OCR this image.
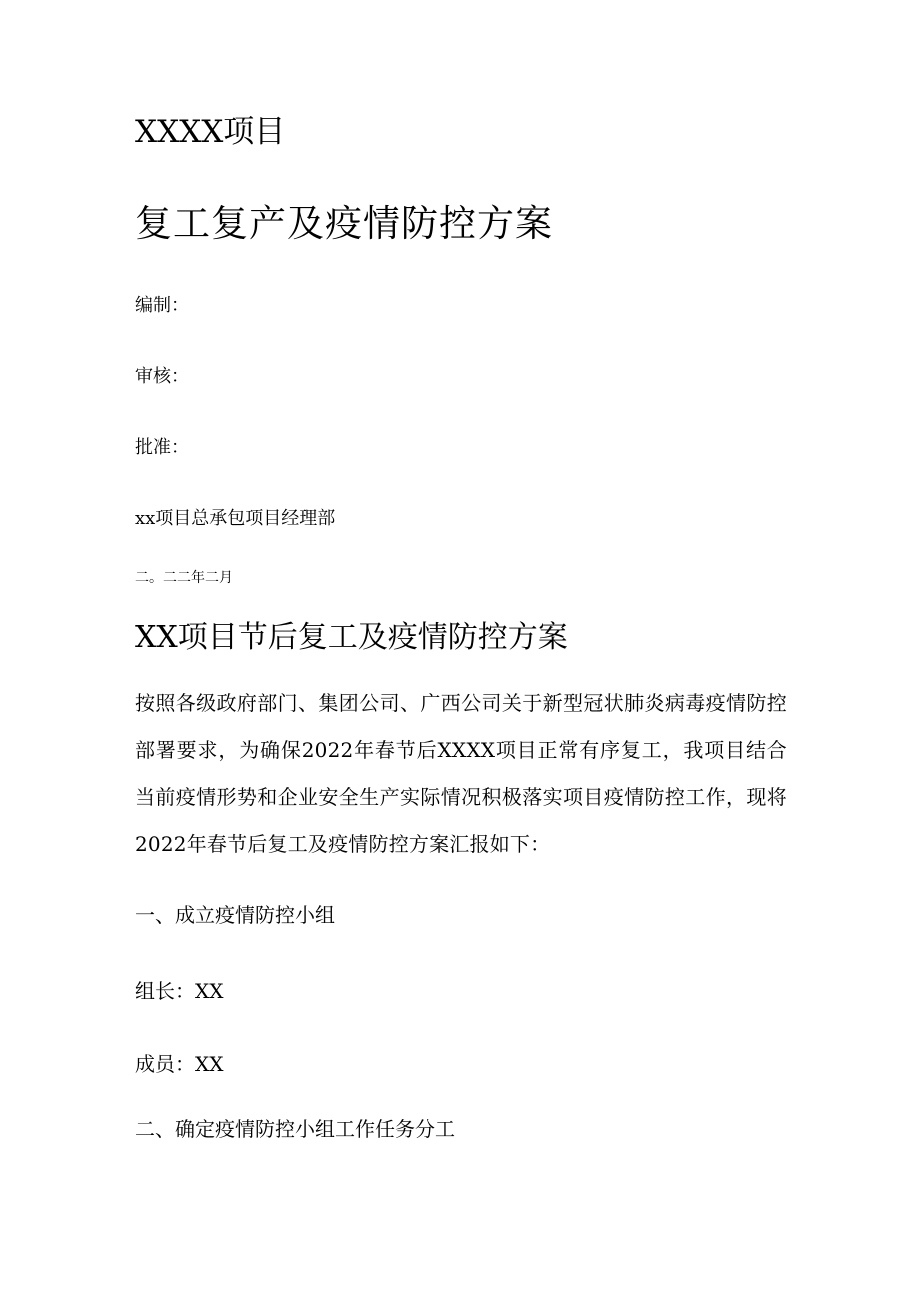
XXXX项目
复工复产及疫情防控方案
编制：
审核：
批准：
xx项目总承包项目经理部
二。二二年二月
XX项目节后复工及疫情防控方案
按照各级政府部门、集团公司、广西公司关于新型冠状肺炎病毒疫情防控部署要求，为确保2022年春节后XXXX项目正常有序复工，我项目结合当前疫情形势和企业安全生产实际情况积极落实项目疫情防控工作，现将2022年春节后复工及疫情防控方案汇报如下：
一、成立疫情防控小组
组长：XX
成员：XX
二、确定疫情防控小组工作任务分工
